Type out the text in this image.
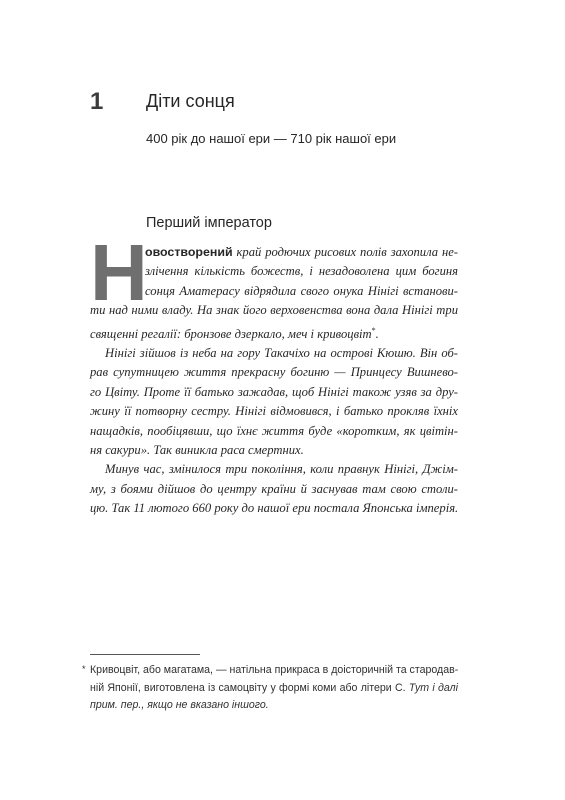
1 Діти сонця
400 рік до нашої ери — 710 рік нашої ери
Перший імператор
Н
овостворений край родючих рисових полів захопила не-
злічення кількість божеств, і незадоволена цим богиня
сонця Аматерасу відрядила свого онука Нінігі встанови-
ти над ними владу. На знак його верховенства вона дала Нінігі три
священні регалії: бронзове дзеркало, меч і кривоцвіт*.
Нінігі зійшов із неба на гору Такачіхо на острові Кюшю. Він об-
рав супутницею життя прекрасну богиню — Принцесу Вишнево-
го Цвіту. Проте її батько зажадав, щоб Нінігі також узяв за дру-
жину її потворну сестру. Нінігі відмовився, і батько прокляв їхніх
нащадків, пообіцявши, що їхнє життя буде «коротким, як цвітін-
ня сакури». Так виникла раса смертних.
Минув час, змінилося три покоління, коли правнук Нінігі, Джім-
му, з боями дійшов до центру країни й заснував там свою столи-
цю. Так 11 лютого 660 року до нашої ери постала Японська імперія.
* Кривоцвіт, або магатама, — натільна прикраса в доісторичній та стародав-
ній Японії, виготовлена із самоцвіту у формі коми або літери С. Тут і далі
прим. пер., якщо не вказано іншого.
